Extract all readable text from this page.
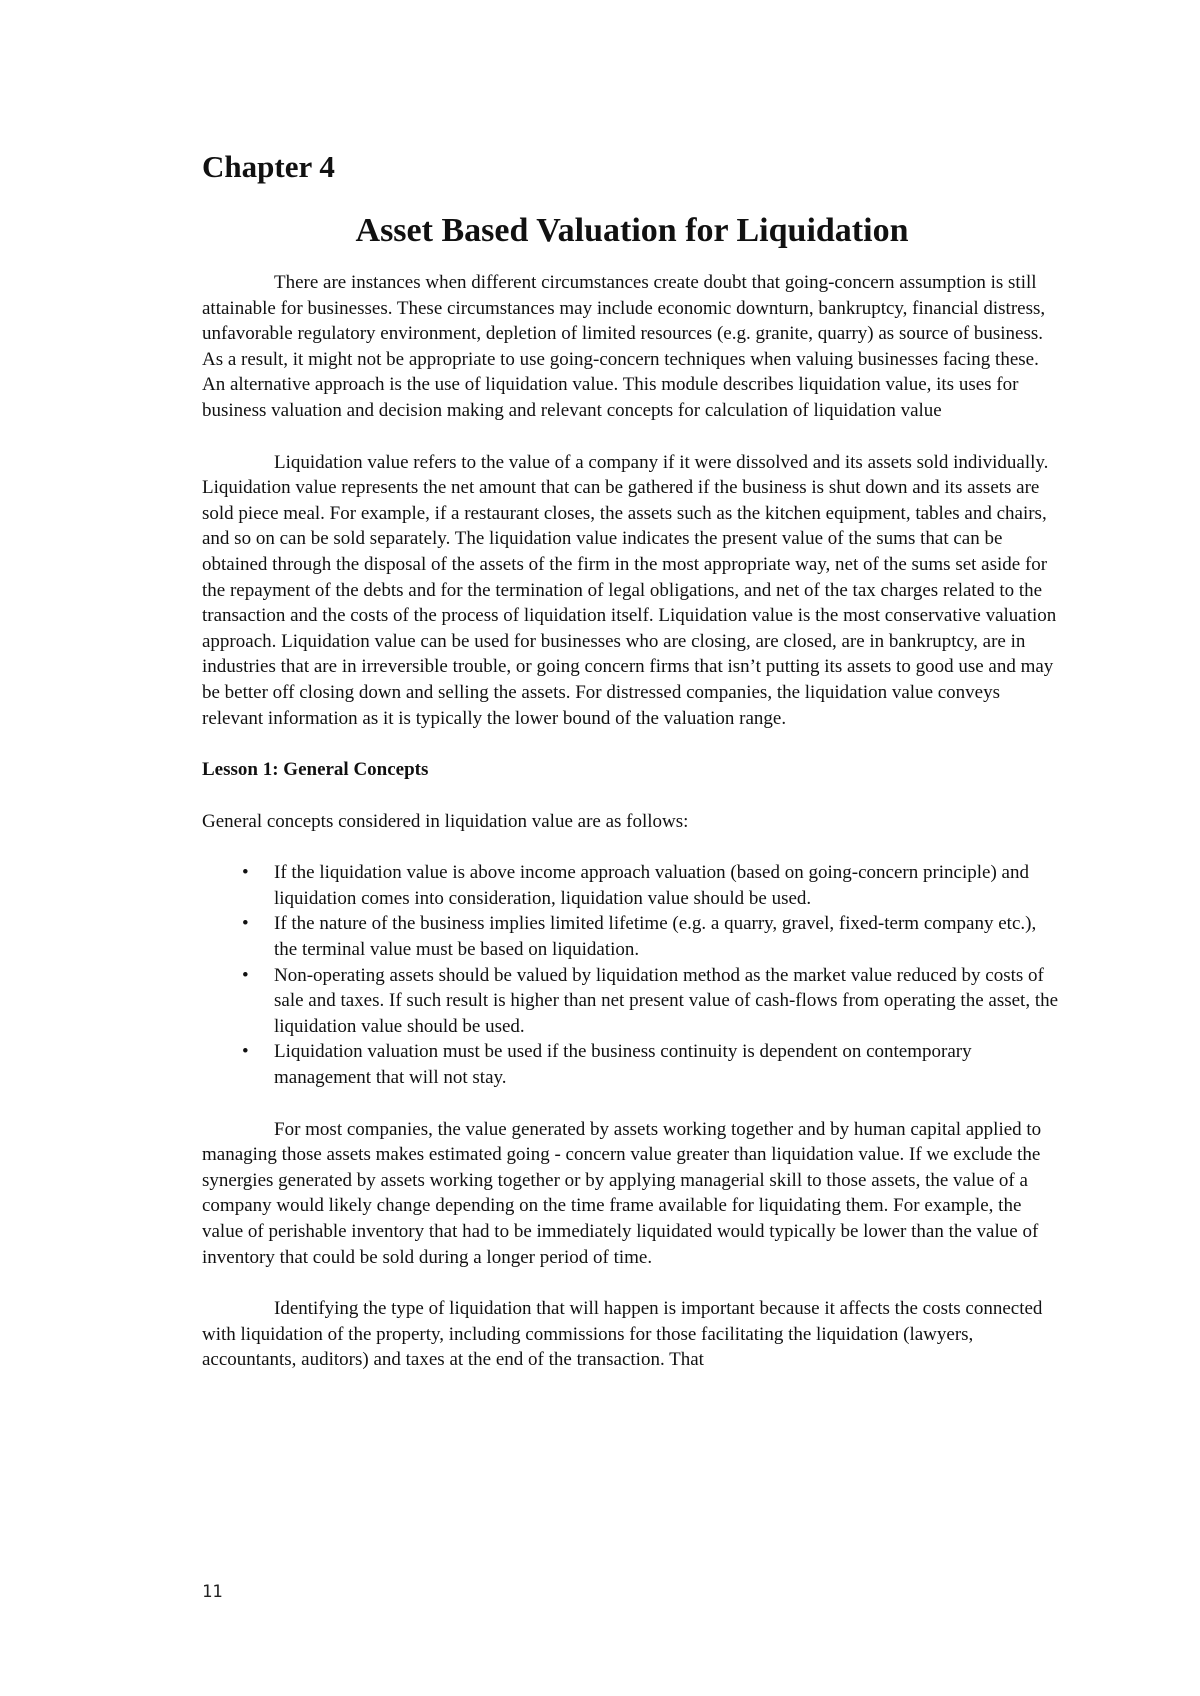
Chapter 4
Asset Based Valuation for Liquidation

There are instances when different circumstances create doubt that going-concern assumption is still attainable for businesses. These circumstances may include economic downturn, bankruptcy, financial distress, unfavorable regulatory environment, depletion of limited resources (e.g. granite, quarry) as source of business. As a result, it might not be appropriate to use going-concern techniques when valuing businesses facing these. An alternative approach is the use of liquidation value. This module describes liquidation value, its uses for business valuation and decision making and relevant concepts for calculation of liquidation value

Liquidation value refers to the value of a company if it were dissolved and its assets sold individually. Liquidation value represents the net amount that can be gathered if the business is shut down and its assets are sold piece meal. For example, if a restaurant closes, the assets such as the kitchen equipment, tables and chairs, and so on can be sold separately. The liquidation value indicates the present value of the sums that can be obtained through the disposal of the assets of the firm in the most appropriate way, net of the sums set aside for the repayment of the debts and for the termination of legal obligations, and net of the tax charges related to the transaction and the costs of the process of liquidation itself. Liquidation value is the most conservative valuation approach. Liquidation value can be used for businesses who are closing, are closed, are in bankruptcy, are in industries that are in irreversible trouble, or going concern firms that isn’t putting its assets to good use and may be better off closing down and selling the assets. For distressed companies, the liquidation value conveys relevant information as it is typically the lower bound of the valuation range.

Lesson 1: General Concepts

General concepts considered in liquidation value are as follows:

• If the liquidation value is above income approach valuation (based on going-concern principle) and liquidation comes into consideration, liquidation value should be used.
• If the nature of the business implies limited lifetime (e.g. a quarry, gravel, fixed-term company etc.), the terminal value must be based on liquidation.
• Non-operating assets should be valued by liquidation method as the market value reduced by costs of sale and taxes. If such result is higher than net present value of cash-flows from operating the asset, the liquidation value should be used.
• Liquidation valuation must be used if the business continuity is dependent on contemporary management that will not stay.

For most companies, the value generated by assets working together and by human capital applied to managing those assets makes estimated going - concern value greater than liquidation value. If we exclude the synergies generated by assets working together or by applying managerial skill to those assets, the value of a company would likely change depending on the time frame available for liquidating them. For example, the value of perishable inventory that had to be immediately liquidated would typically be lower than the value of inventory that could be sold during a longer period of time.

Identifying the type of liquidation that will happen is important because it affects the costs connected with liquidation of the property, including commissions for those facilitating the liquidation (lawyers, accountants, auditors) and taxes at the end of the transaction. That

11
